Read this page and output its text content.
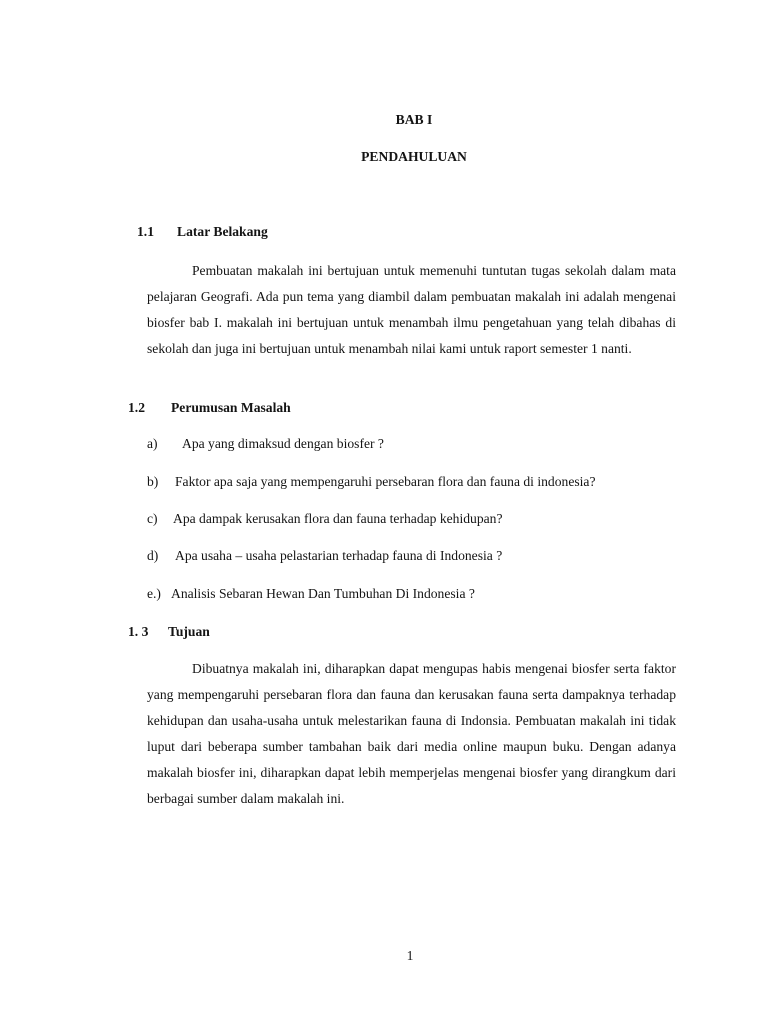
BAB I
PENDAHULUAN
1.1 Latar Belakang
Pembuatan makalah ini bertujuan untuk memenuhi tuntutan tugas sekolah dalam mata pelajaran Geografi. Ada pun tema yang diambil dalam pembuatan makalah ini adalah mengenai biosfer bab I. makalah ini bertujuan untuk menambah ilmu pengetahuan yang telah dibahas di sekolah dan juga ini bertujuan untuk menambah nilai kami untuk raport semester 1 nanti.
1.2 Perumusan Masalah
a) Apa yang dimaksud dengan biosfer ?
b) Faktor apa saja yang mempengaruhi persebaran flora dan fauna di indonesia?
c) Apa dampak kerusakan flora dan fauna terhadap kehidupan?
d) Apa usaha – usaha pelastarian terhadap fauna di Indonesia ?
e.) Analisis Sebaran Hewan Dan Tumbuhan Di Indonesia ?
1. 3 Tujuan
Dibuatnya makalah ini, diharapkan dapat mengupas habis mengenai biosfer serta faktor yang mempengaruhi persebaran flora dan fauna dan kerusakan fauna serta dampaknya terhadap kehidupan dan usaha-usaha untuk melestarikan fauna di Indonsia. Pembuatan makalah ini tidak luput dari beberapa sumber tambahan baik dari media online maupun buku. Dengan adanya makalah biosfer ini, diharapkan dapat lebih memperjelas mengenai biosfer yang dirangkum dari berbagai sumber dalam makalah ini.
1
